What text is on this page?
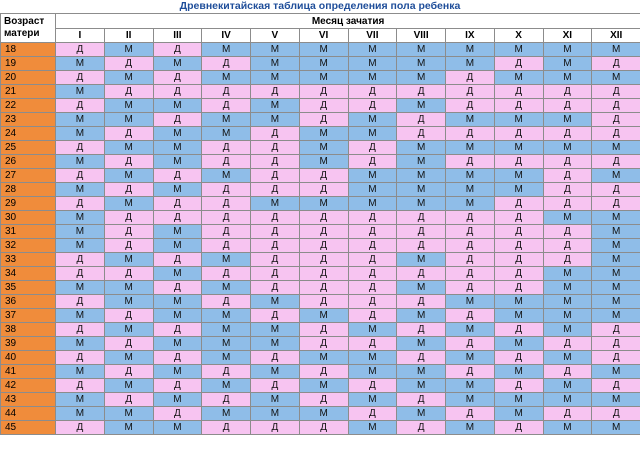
Древнекитайская таблица определения пола ребенка
Возраст матери	Месяц зачатия											
	I	II	III	IV	V	VI	VII	VIII	IX	X	XI	XII
18	Д	М	Д	М	М	М	М	М	М	М	М	М
19	М	Д	М	Д	М	М	М	М	М	Д	М	Д
20	Д	М	Д	М	М	М	М	М	Д	М	М	М
21	М	Д	Д	Д	Д	Д	Д	Д	Д	Д	Д	Д
22	Д	М	М	Д	М	Д	Д	М	Д	Д	Д	Д
23	М	М	Д	М	М	Д	М	Д	М	М	М	Д
24	М	Д	М	М	Д	М	М	Д	Д	Д	Д	Д
25	Д	М	М	Д	Д	М	Д	М	М	М	М	М
26	М	Д	М	Д	Д	М	Д	М	Д	Д	Д	Д
27	Д	М	Д	М	Д	Д	М	М	М	М	Д	М
28	М	Д	М	Д	Д	Д	М	М	М	М	Д	Д
29	Д	М	Д	Д	М	М	М	М	М	Д	Д	Д
30	М	Д	Д	Д	Д	Д	Д	Д	Д	Д	М	М
31	М	Д	М	Д	Д	Д	Д	Д	Д	Д	Д	М
32	М	Д	М	Д	Д	Д	Д	Д	Д	Д	Д	М
33	Д	М	Д	М	Д	Д	Д	М	Д	Д	Д	М
34	Д	Д	М	Д	Д	Д	Д	Д	Д	Д	М	М
35	М	М	Д	М	Д	Д	Д	М	Д	Д	М	М
36	Д	М	М	Д	М	Д	Д	Д	М	М	М	М
37	М	Д	М	М	Д	М	Д	М	Д	М	М	М
38	Д	М	Д	М	М	Д	М	Д	М	Д	М	Д
39	М	Д	М	М	М	Д	Д	М	Д	М	Д	Д
40	Д	М	Д	М	Д	М	М	Д	М	Д	М	Д
41	М	Д	М	Д	М	Д	М	М	Д	М	Д	М
42	Д	М	Д	М	Д	М	Д	М	М	Д	М	Д
43	М	Д	М	Д	М	Д	М	Д	М	М	М	М
44	М	М	Д	М	М	М	Д	М	Д	М	Д	Д
45	Д	М	М	Д	Д	Д	М	Д	М	Д	М	М
